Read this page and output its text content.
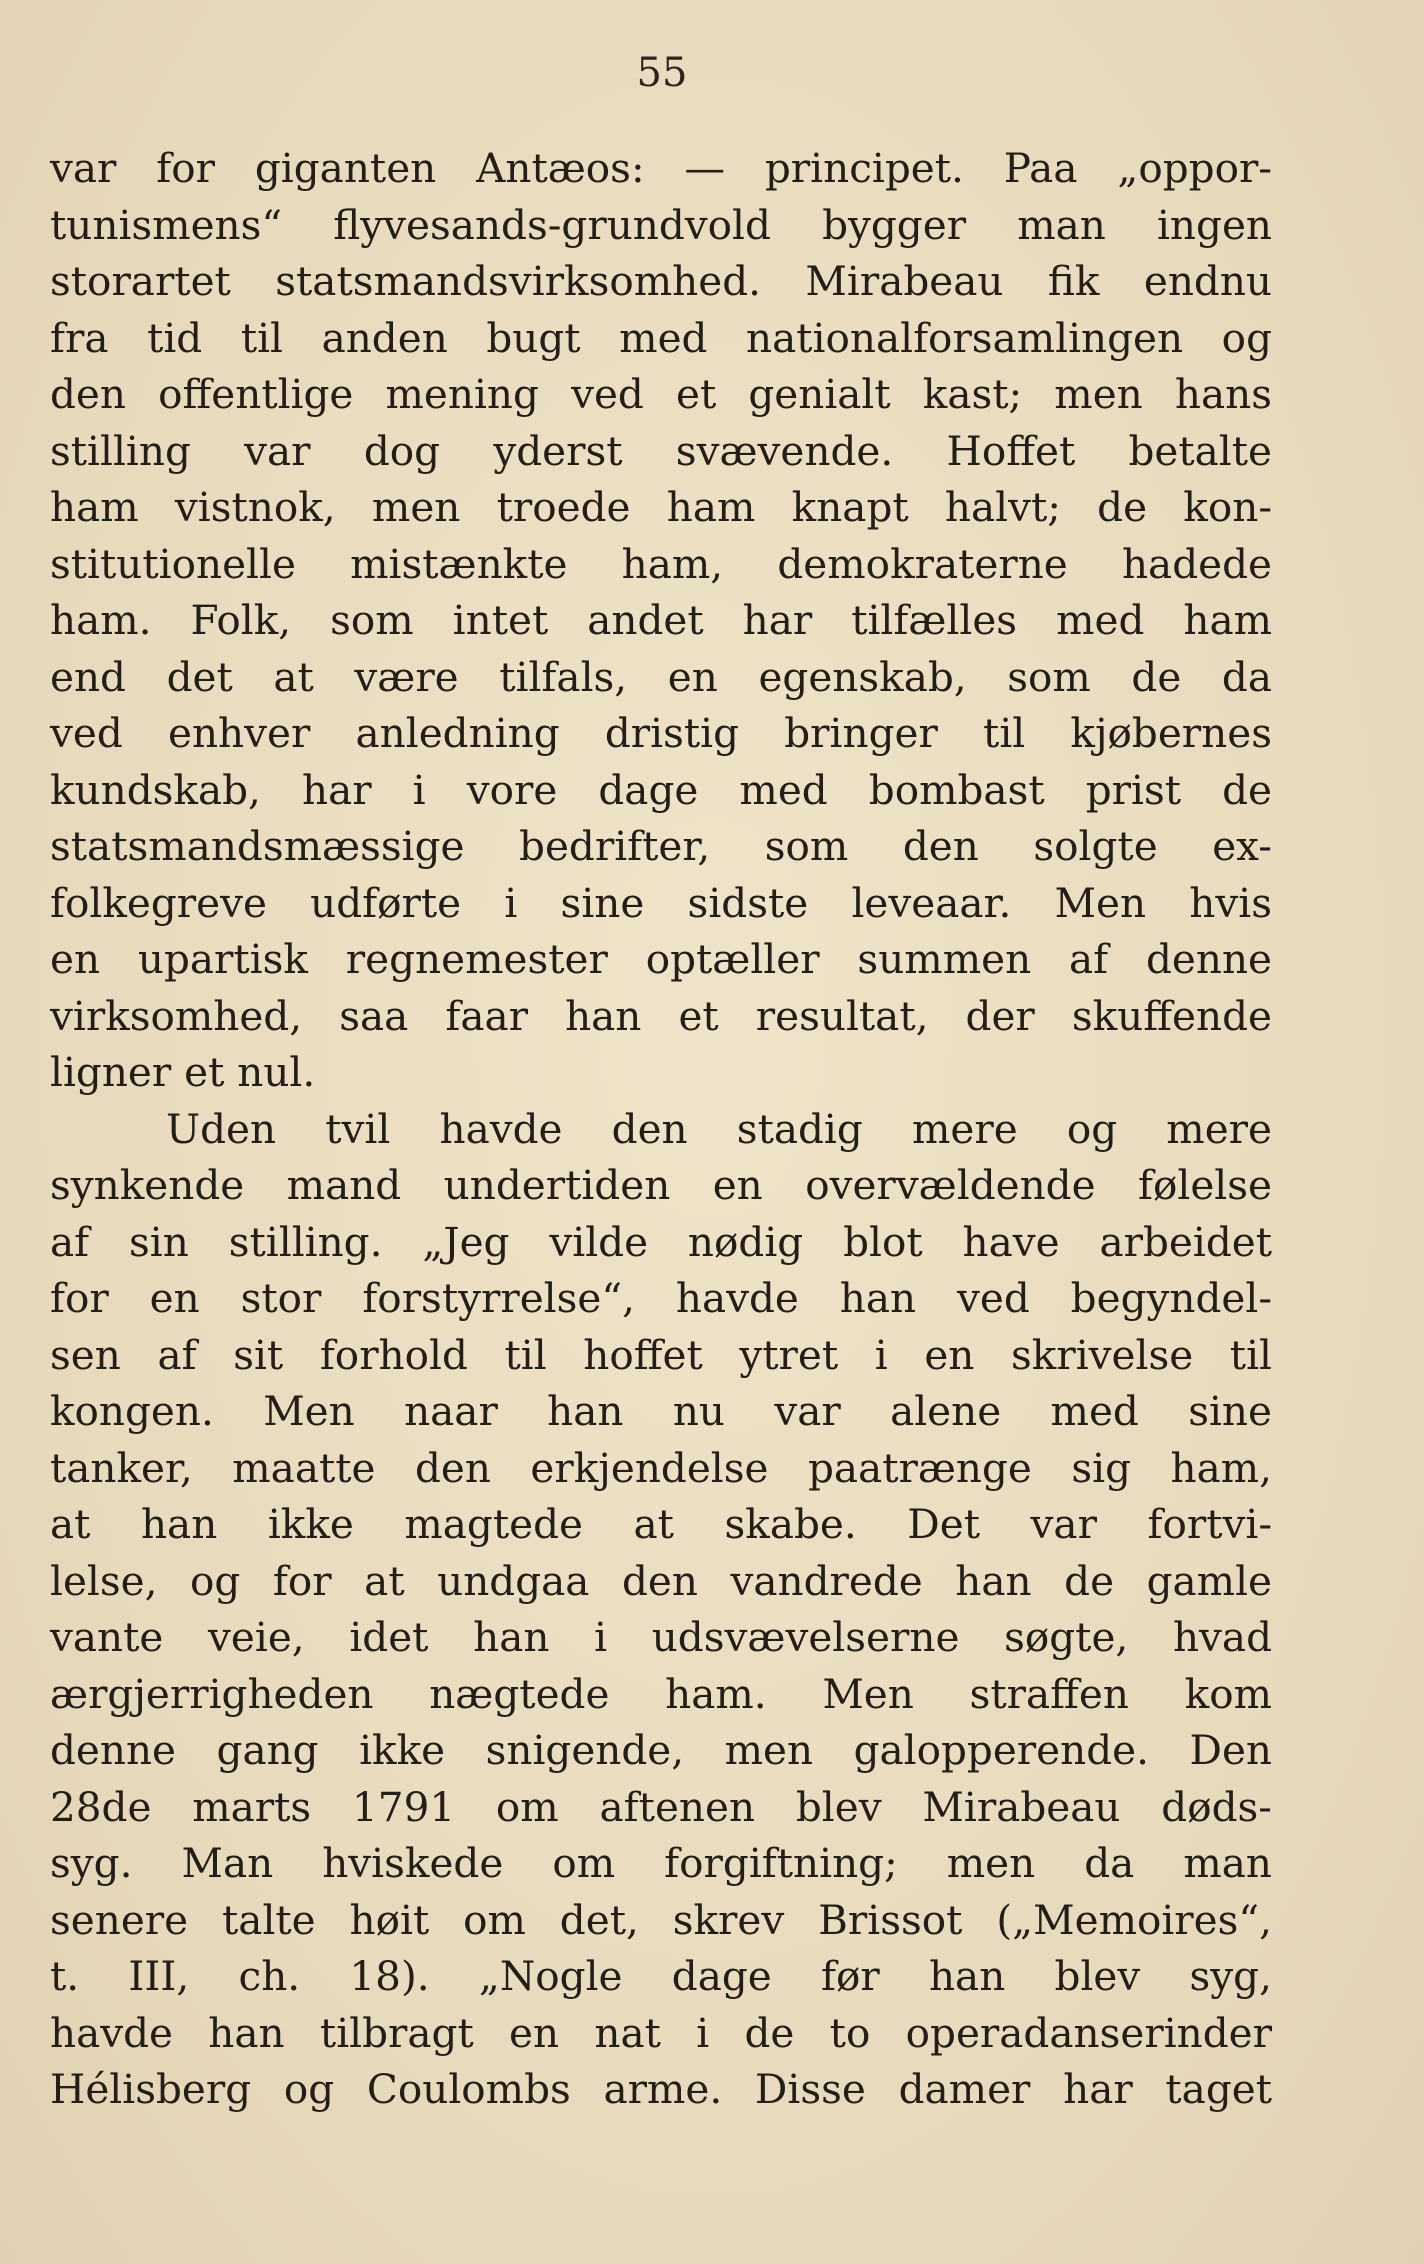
55
var for giganten Antæos: — principet. Paa „oppor-
tunismens“ flyvesands-grundvold bygger man ingen
storartet statsmandsvirksomhed. Mirabeau fik endnu
fra tid til anden bugt med nationalforsamlingen og
den offentlige mening ved et genialt kast; men hans
stilling var dog yderst svævende. Hoffet betalte
ham vistnok, men troede ham knapt halvt; de kon-
stitutionelle mistænkte ham, demokraterne hadede
ham. Folk, som intet andet har tilfælles med ham
end det at være tilfals, en egenskab, som de da
ved enhver anledning dristig bringer til kjøbernes
kundskab, har i vore dage med bombast prist de
statsmandsmæssige bedrifter, som den solgte ex-
folkegreve udførte i sine sidste leveaar. Men hvis
en upartisk regnemester optæller summen af denne
virksomhed, saa faar han et resultat, der skuffende
ligner et nul.
Uden tvil havde den stadig mere og mere
synkende mand undertiden en overvældende følelse
af sin stilling. „Jeg vilde nødig blot have arbeidet
for en stor forstyrrelse“, havde han ved begyndel-
sen af sit forhold til hoffet ytret i en skrivelse til
kongen. Men naar han nu var alene med sine
tanker, maatte den erkjendelse paatrænge sig ham,
at han ikke magtede at skabe. Det var fortvi-
lelse, og for at undgaa den vandrede han de gamle
vante veie, idet han i udsvævelserne søgte, hvad
ærgjerrigheden nægtede ham. Men straffen kom
denne gang ikke snigende, men galopperende. Den
28de marts 1791 om aftenen blev Mirabeau døds-
syg. Man hviskede om forgiftning; men da man
senere talte høit om det, skrev Brissot („Memoires“,
t. III, ch. 18). „Nogle dage før han blev syg,
havde han tilbragt en nat i de to operadanserinder
Hélisberg og Coulombs arme. Disse damer har taget
